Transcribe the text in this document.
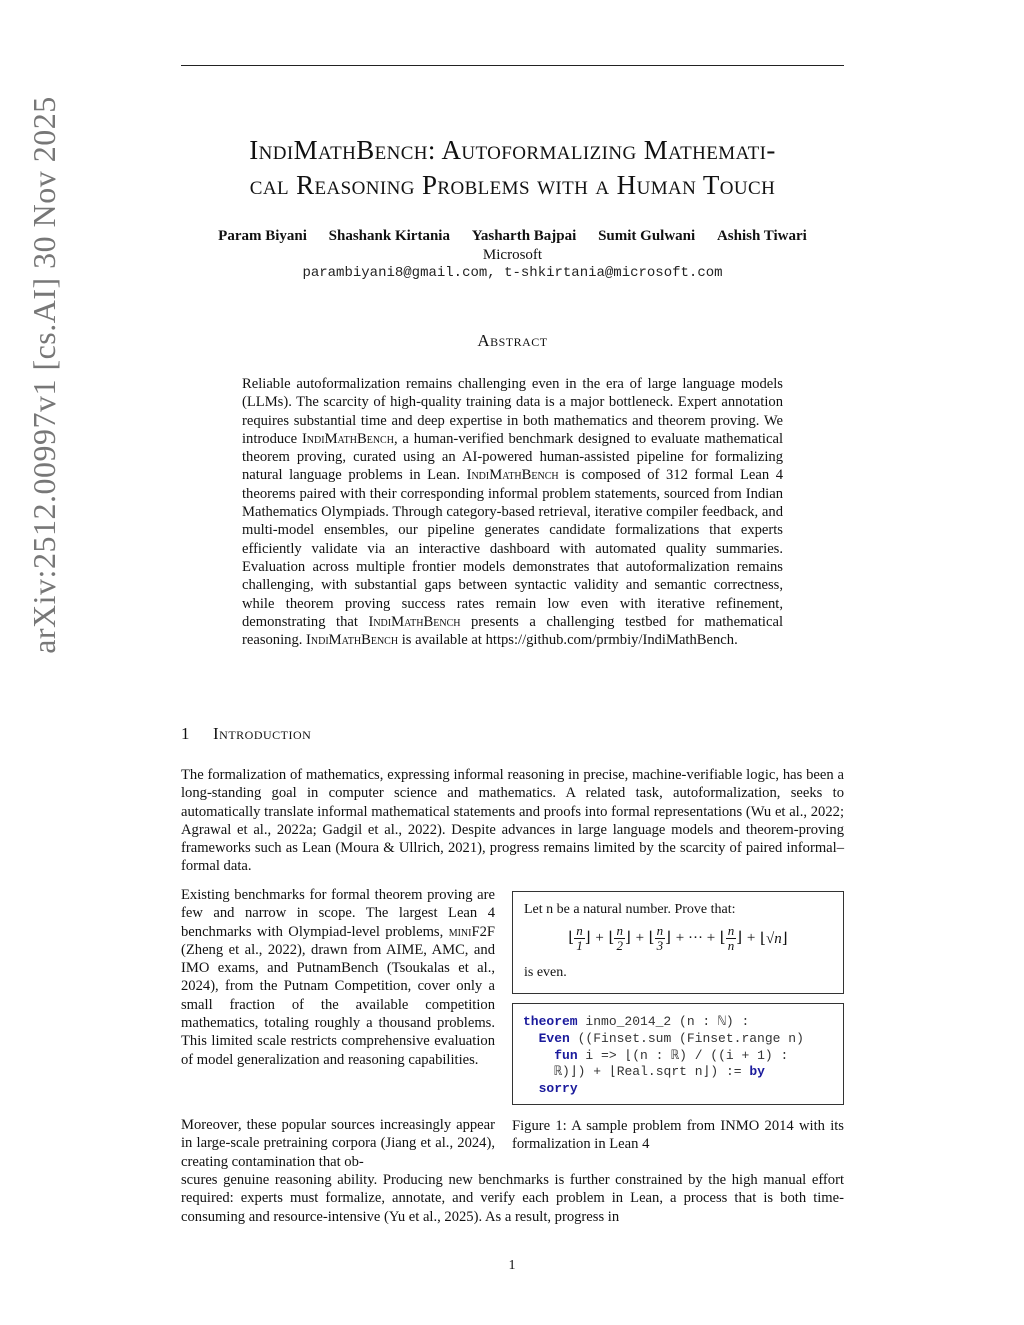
arXiv:2512.00997v1 [cs.AI] 30 Nov 2025	IndiMathBench: Autoformalizing Mathemati-
cal Reasoning Problems with a Human Touch
Param Biyani Shashank Kirtania Yasharth Bajpai Sumit Gulwani Ashish Tiwari
Microsoft
parambiyani8@gmail.com, t-shkirtania@microsoft.com
Abstract
Reliable autoformalization remains challenging even in the era of large language models (LLMs). The scarcity of high-quality training data is a major bottleneck. Expert annotation requires substantial time and deep expertise in both mathematics and theorem proving. We introduce IndiMathBench, a human-verified benchmark designed to evaluate mathematical theorem proving, curated using an AI-powered human-assisted pipeline for formalizing natural language problems in Lean. IndiMathBench is composed of 312 formal Lean 4 theorems paired with their corresponding informal problem statements, sourced from Indian Mathematics Olympiads. Through category-based retrieval, iterative compiler feedback, and multi-model ensembles, our pipeline generates candidate formalizations that experts efficiently validate via an interactive dashboard with automated quality summaries. Evaluation across multiple frontier models demonstrates that autoformalization remains challenging, with substantial gaps between syntactic validity and semantic correctness, while theorem proving success rates remain low even with iterative refinement, demonstrating that IndiMathBench presents a challenging testbed for mathematical reasoning. IndiMathBench is available at https://github.com/prmbiy/IndiMathBench.
1 Introduction
The formalization of mathematics, expressing informal reasoning in precise, machine-verifiable logic, has been a long-standing goal in computer science and mathematics. A related task, autoformalization, seeks to automatically translate informal mathematical statements and proofs into formal representations (Wu et al., 2022; Agrawal et al., 2022a; Gadgil et al., 2022). Despite advances in large language models and theorem-proving frameworks such as Lean (Moura & Ullrich, 2021), progress remains limited by the scarcity of paired informal–formal data.
Existing benchmarks for formal theorem proving are few and narrow in scope. The largest Lean 4 benchmarks with Olympiad-level problems, miniF2F (Zheng et al., 2022), drawn from AIME, AMC, and IMO exams, and PutnamBench (Tsoukalas et al., 2024), from the Putnam Competition, cover only a small fraction of the available competition mathematics, totaling roughly a thousand problems. This limited scale restricts comprehensive evaluation of model generalization and reasoning capabilities.
Moreover, these popular sources increasingly appear in large-scale pretraining corpora (Jiang et al., 2024), creating contamination that ob-
scures genuine reasoning ability. Producing new benchmarks is further constrained by the high manual effort required: experts must formalize, annotate, and verify each problem in Lean, a process that is both time-consuming and resource-intensive (Yu et al., 2025). As a result, progress in
Let n be a natural number. Prove that:
⌊ $\frac{n}{1}$ ⌋ + ⌊ $\frac{n}{2}$ ⌋ + ⌊ $\frac{n}{3}$ ⌋ + ··· + ⌊ $\frac{n}{n}$ ⌋ + ⌊√n⌋
is even.
theorem inmo_2014_2 (n : ℕ) :
Even ((Finset.sum (Finset.range n)
fun i => ⌊(n : ℝ) / ((i + 1) :
ℝ)⌋) + ⌊Real.sqrt n⌋) := by
sorry
Figure 1: A sample problem from INMO 2014 with its formalization in Lean 4
1
